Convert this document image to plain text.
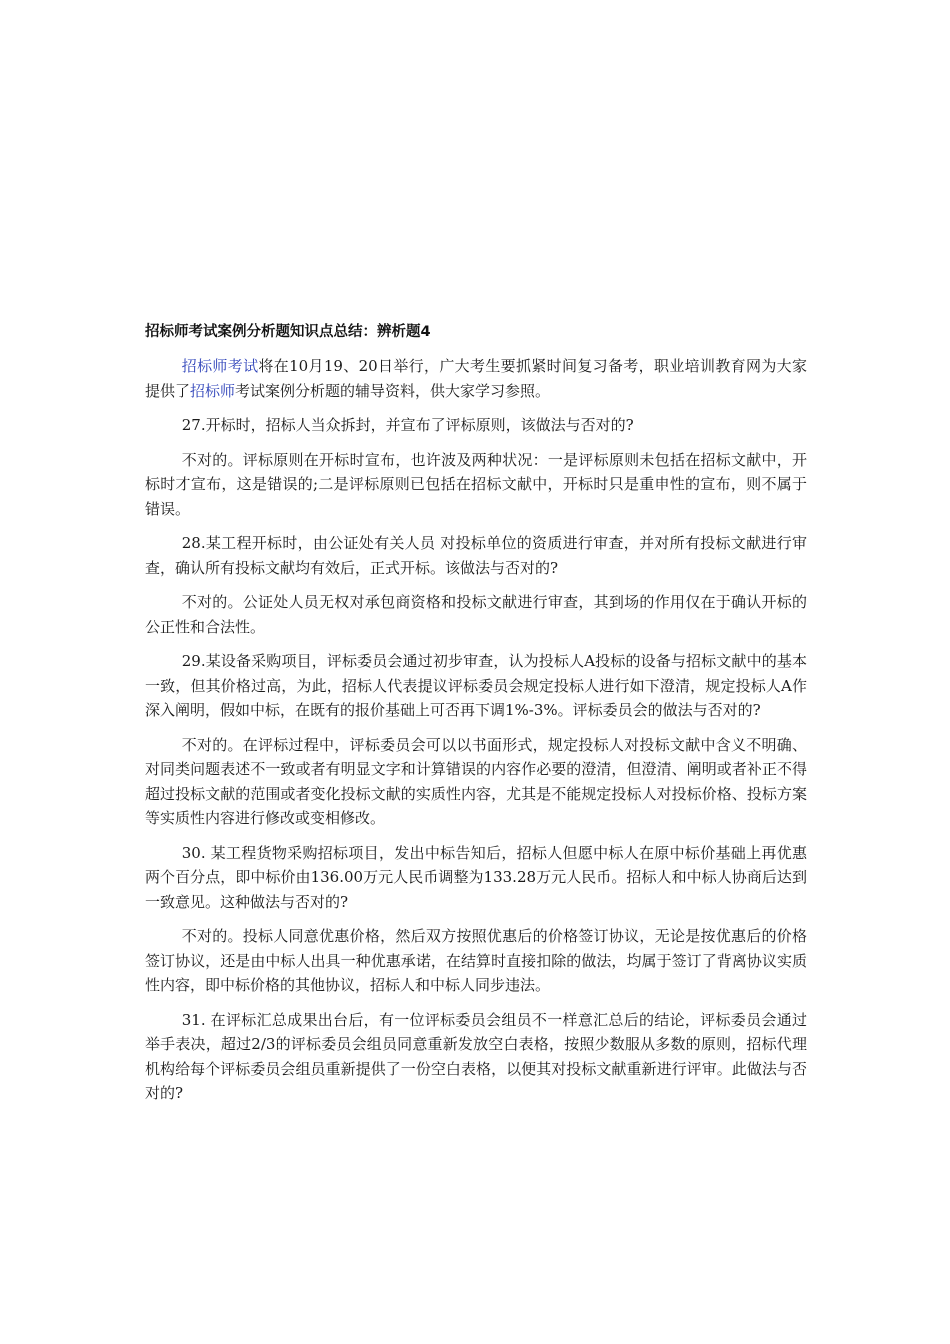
招标师考试案例分析题知识点总结：辨析题4

招标师考试将在10月19、20日举行，广大考生要抓紧时间复习备考，职业培训教育网为大家提供了招标师考试案例分析题的辅导资料，供大家学习参照。

27.开标时，招标人当众拆封，并宣布了评标原则，该做法与否对的?

不对的。评标原则在开标时宣布，也许波及两种状况：一是评标原则未包括在招标文献中，开标时才宣布，这是错误的;二是评标原则已包括在招标文献中，开标时只是重申性的宣布，则不属于错误。

28.某工程开标时，由公证处有关人员 对投标单位的资质进行审查，并对所有投标文献进行审查，确认所有投标文献均有效后，正式开标。该做法与否对的?

不对的。公证处人员无权对承包商资格和投标文献进行审查，其到场的作用仅在于确认开标的公正性和合法性。

29.某设备采购项目，评标委员会通过初步审查，认为投标人A投标的设备与招标文献中的基本一致，但其价格过高，为此，招标人代表提议评标委员会规定投标人进行如下澄清，规定投标人A作深入阐明，假如中标，在既有的报价基础上可否再下调1%-3%。评标委员会的做法与否对的?

不对的。在评标过程中，评标委员会可以以书面形式，规定投标人对投标文献中含义不明确、对同类问题表述不一致或者有明显文字和计算错误的内容作必要的澄清，但澄清、阐明或者补正不得超过投标文献的范围或者变化投标文献的实质性内容，尤其是不能规定投标人对投标价格、投标方案等实质性内容进行修改或变相修改。

30. 某工程货物采购招标项目，发出中标告知后，招标人但愿中标人在原中标价基础上再优惠两个百分点，即中标价由136.00万元人民币调整为133.28万元人民币。招标人和中标人协商后达到一致意见。这种做法与否对的?

不对的。投标人同意优惠价格，然后双方按照优惠后的价格签订协议，无论是按优惠后的价格签订协议，还是由中标人出具一种优惠承诺，在结算时直接扣除的做法，均属于签订了背离协议实质性内容，即中标价格的其他协议，招标人和中标人同步违法。

31. 在评标汇总成果出台后，有一位评标委员会组员不一样意汇总后的结论，评标委员会通过举手表决，超过2/3的评标委员会组员同意重新发放空白表格，按照少数服从多数的原则，招标代理机构给每个评标委员会组员重新提供了一份空白表格，以便其对投标文献重新进行评审。此做法与否对的?
